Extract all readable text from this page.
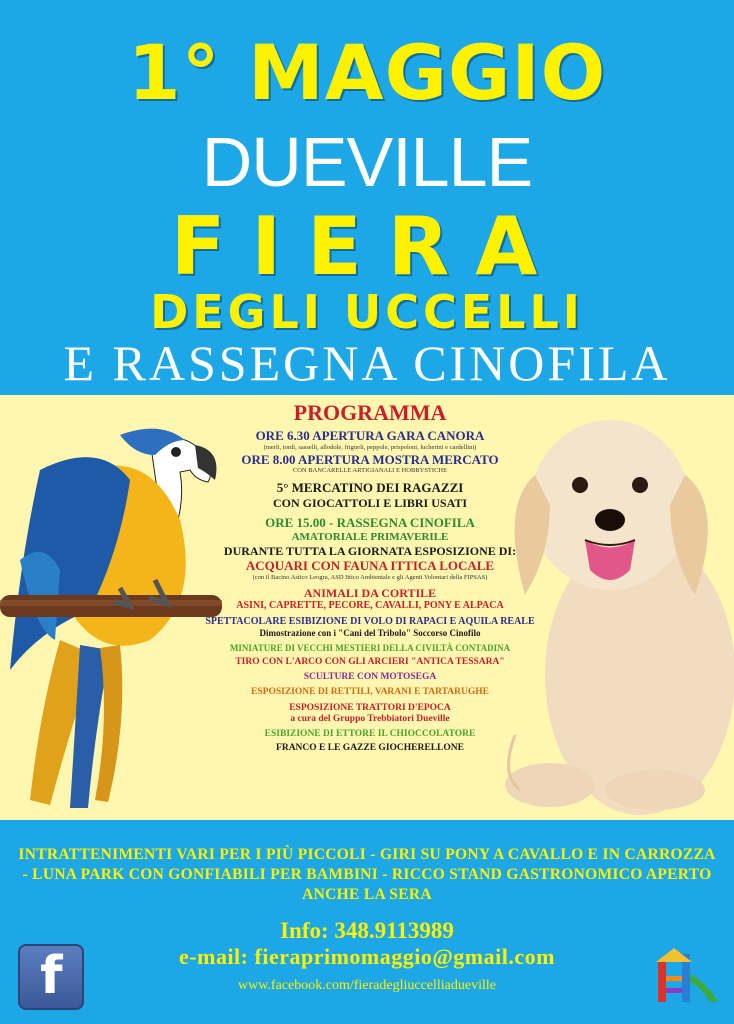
1° MAGGIO
DUEVILLE
FIERA
DEGLI UCCELLI
E RASSEGNA CINOFILA
PROGRAMMA
ORE 6.30 APERTURA GARA CANORA
(merli, tordi, sasselli, allodole, frigueli, peppole, prispoloni, lucherini e cardellini)
ORE 8.00 APERTURA MOSTRA MERCATO
CON BANCARELLE ARTIGIANALI E HOBBYSTICHE
5° MERCATINO DEI RAGAZZI
CON GIOCATTOLI E LIBRI USATI
ORE 15.00 - RASSEGNA CINOFILA
AMATORIALE PRIMAVERILE
DURANTE TUTTA LA GIORNATA ESPOSIZIONE DI:
ACQUARI CON FAUNA ITTICA LOCALE
(con il Bacino Astico Leogra, ASD Ittico Ambientale e gli Agenti Volontari della FIPSAS)
ANIMALI DA CORTILE
ASINI, CAPRETTE, PECORE, CAVALLI, PONY E ALPACA
SPETTACOLARE ESIBIZIONE DI VOLO DI RAPACI E AQUILA REALE
Dimostrazione con i "Cani del Tribolo" Soccorso Cinofilo
MINIATURE DI VECCHI MESTIERI DELLA CIVILTÀ CONTADINA
TIRO CON L'ARCO CON GLI ARCIERI "ANTICA TESSARA"
SCULTURE CON MOTOSEGA
ESPOSIZIONE DI RETTILI, VARANI E TARTARUGHE
ESPOSIZIONE TRATTORI D'EPOCA
a cura del Gruppo Trebbiatori Dueville
ESIBIZIONE DI ETTORE IL CHIOCCOLATORE
FRANCO E LE GAZZE GIOCHERELLONE
INTRATTENIMENTI VARI PER I PIÙ PICCOLI - GIRI SU PONY A CAVALLO E IN CARROZZA - LUNA PARK CON GONFIABILI PER BAMBINI - RICCO STAND GASTRONOMICO APERTO ANCHE LA SERA
Info: 348.9113989
e-mail: fieraprimomaggio@gmail.com
www.facebook.com/fieradegliuccelliadueville
f
